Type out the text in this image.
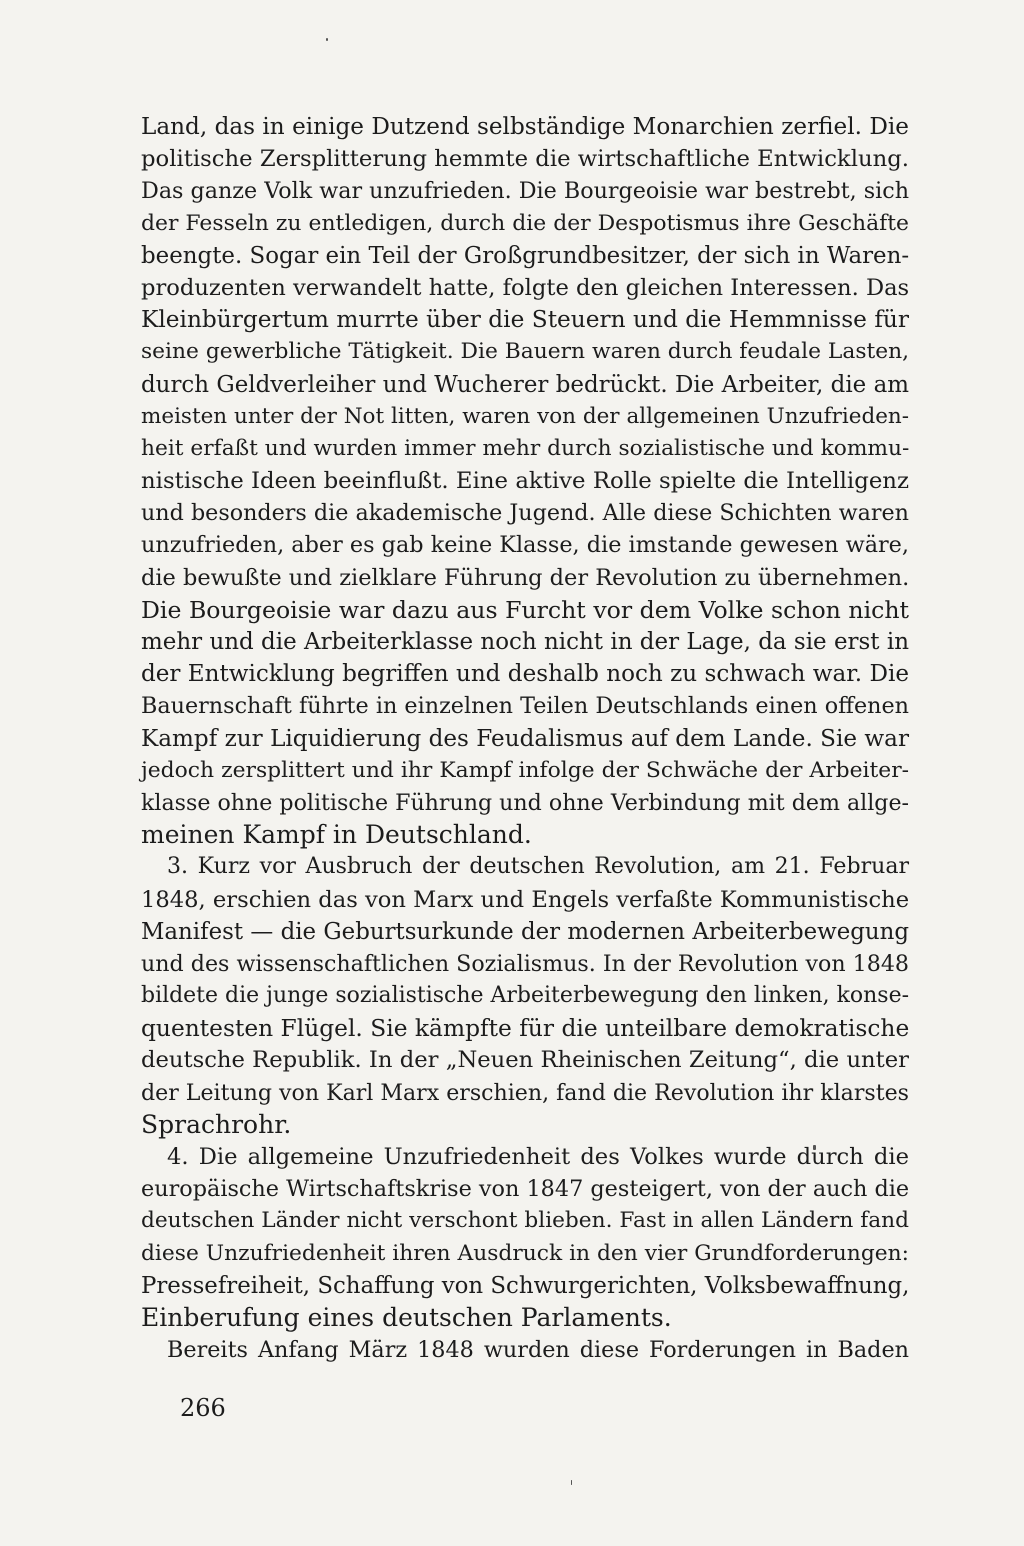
Land, das in einige Dutzend selbständige Monarchien zerfiel. Die
politische Zersplitterung hemmte die wirtschaftliche Entwicklung.
Das ganze Volk war unzufrieden. Die Bourgeoisie war bestrebt, sich
der Fesseln zu entledigen, durch die der Despotismus ihre Geschäfte
beengte. Sogar ein Teil der Großgrundbesitzer, der sich in Waren-
produzenten verwandelt hatte, folgte den gleichen Interessen. Das
Kleinbürgertum murrte über die Steuern und die Hemmnisse für
seine gewerbliche Tätigkeit. Die Bauern waren durch feudale Lasten,
durch Geldverleiher und Wucherer bedrückt. Die Arbeiter, die am
meisten unter der Not litten, waren von der allgemeinen Unzufrieden-
heit erfaßt und wurden immer mehr durch sozialistische und kommu-
nistische Ideen beeinflußt. Eine aktive Rolle spielte die Intelligenz
und besonders die akademische Jugend. Alle diese Schichten waren
unzufrieden, aber es gab keine Klasse, die imstande gewesen wäre,
die bewußte und zielklare Führung der Revolution zu übernehmen.
Die Bourgeoisie war dazu aus Furcht vor dem Volke schon nicht
mehr und die Arbeiterklasse noch nicht in der Lage, da sie erst in
der Entwicklung begriffen und deshalb noch zu schwach war. Die
Bauernschaft führte in einzelnen Teilen Deutschlands einen offenen
Kampf zur Liquidierung des Feudalismus auf dem Lande. Sie war
jedoch zersplittert und ihr Kampf infolge der Schwäche der Arbeiter-
klasse ohne politische Führung und ohne Verbindung mit dem allge-
meinen Kampf in Deutschland.
3. Kurz vor Ausbruch der deutschen Revolution, am 21. Februar
1848, erschien das von Marx und Engels verfaßte Kommunistische
Manifest — die Geburtsurkunde der modernen Arbeiterbewegung
und des wissenschaftlichen Sozialismus. In der Revolution von 1848
bildete die junge sozialistische Arbeiterbewegung den linken, konse-
quentesten Flügel. Sie kämpfte für die unteilbare demokratische
deutsche Republik. In der „Neuen Rheinischen Zeitung“, die unter
der Leitung von Karl Marx erschien, fand die Revolution ihr klarstes
Sprachrohr.
4. Die allgemeine Unzufriedenheit des Volkes wurde durch die
europäische Wirtschaftskrise von 1847 gesteigert, von der auch die
deutschen Länder nicht verschont blieben. Fast in allen Ländern fand
diese Unzufriedenheit ihren Ausdruck in den vier Grundforderungen:
Pressefreiheit, Schaffung von Schwurgerichten, Volksbewaffnung,
Einberufung eines deutschen Parlaments.
Bereits Anfang März 1848 wurden diese Forderungen in Baden
266
